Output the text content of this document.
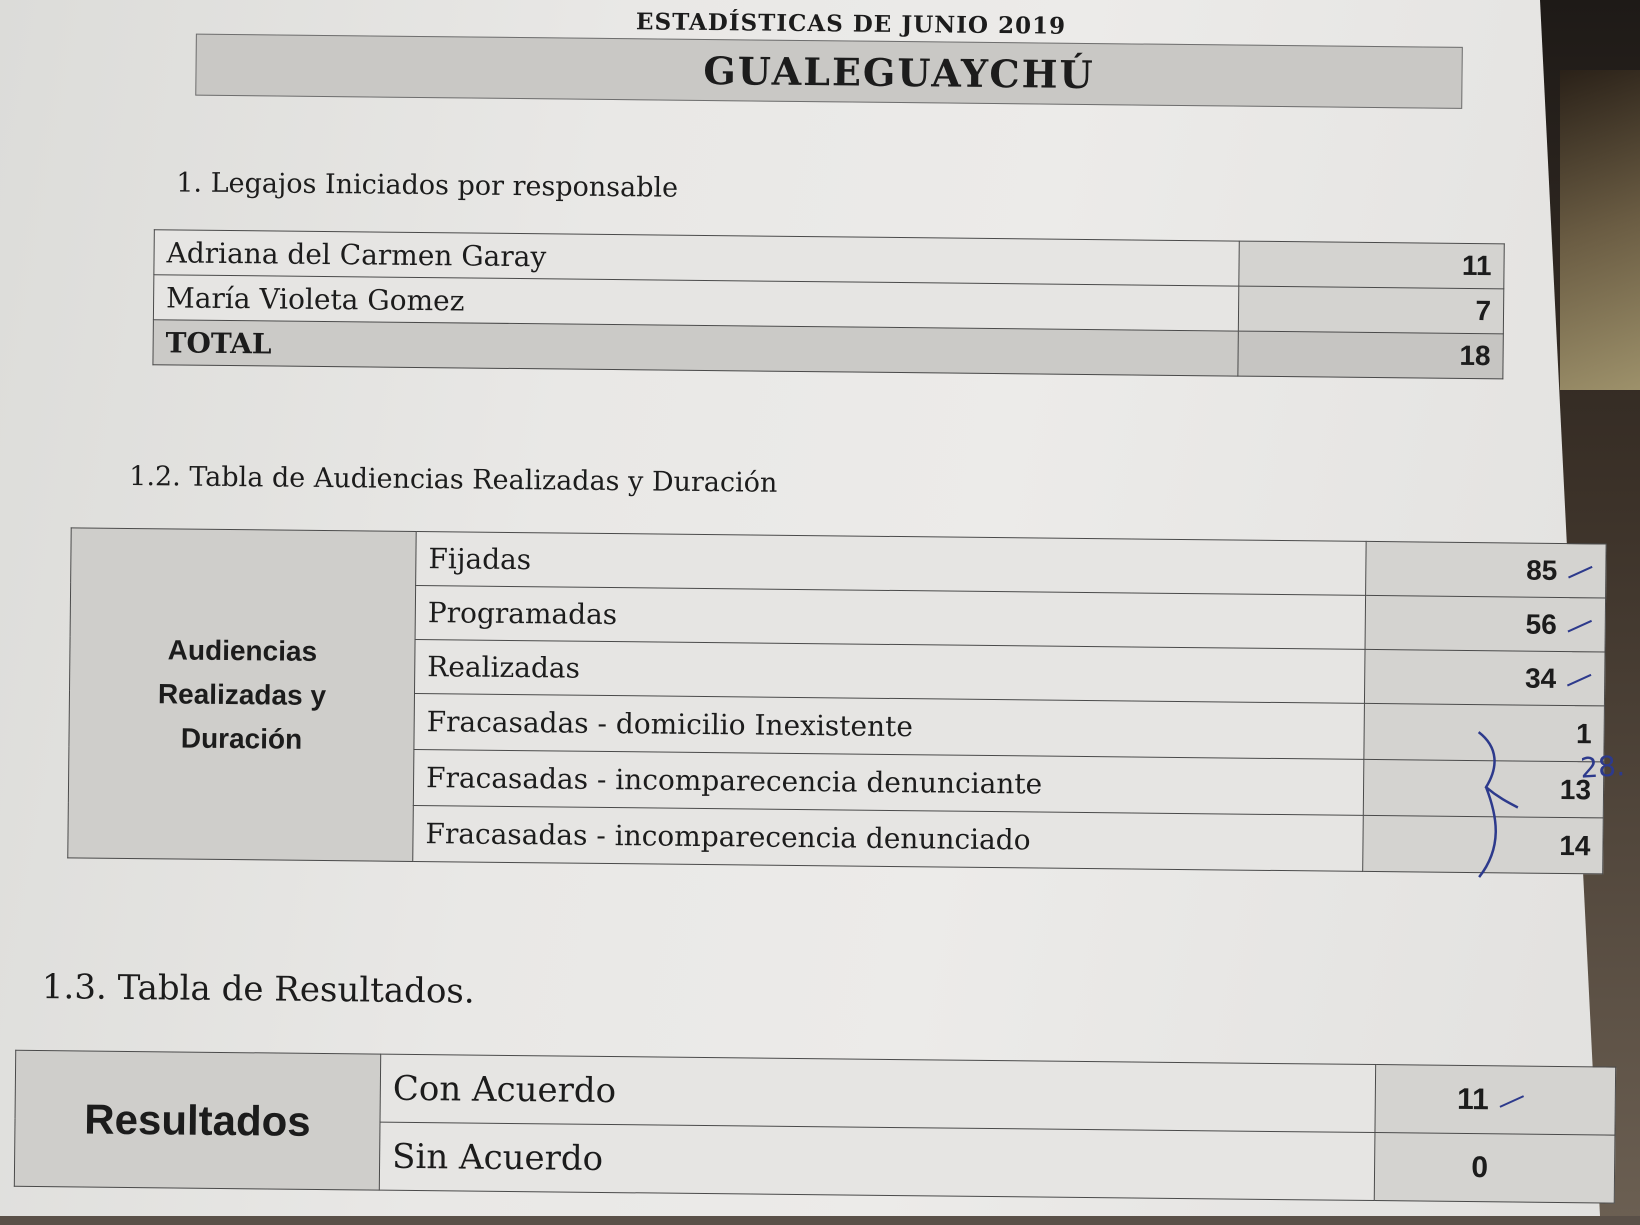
ESTADÍSTICAS DE JUNIO 2019
GUALEGUAYCHÚ
1. Legajos Iniciados por responsable
Adriana del Carmen Garay	11
María Violeta Gomez	7
TOTAL	18
1.2. Tabla de Audiencias Realizadas y Duración
Audiencias
Realizadas y
Duración	Fijadas	85
	Programadas	56
	Realizadas	34
	Fracasadas - domicilio Inexistente	1
	Fracasadas - incomparecencia denunciante	13
	Fracasadas - incomparecencia denunciado	14
28.
1.3. Tabla de Resultados.
Resultados	Con Acuerdo	11
	Sin Acuerdo	0
